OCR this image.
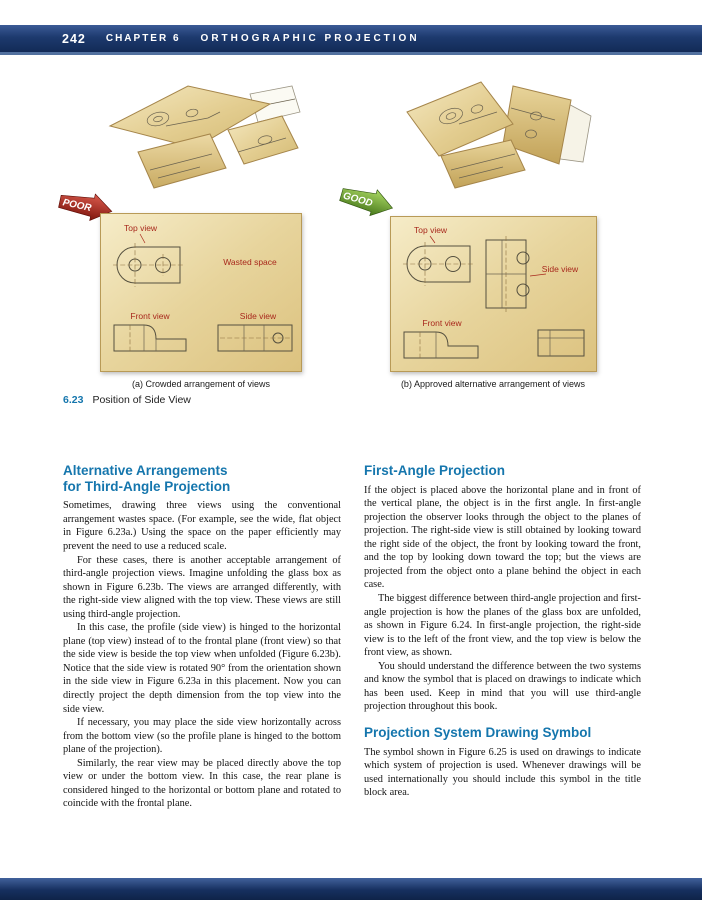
242 CHAPTER 6 ORTHOGRAPHIC PROJECTION
POOR	GOOD
Top view
Wasted space
Front view	Side view
Top view
Side view
Front view
(a) Crowded arrangement of views	(b) Approved alternative arrangement of views
6.23 Position of Side View
Alternative Arrangements
for Third-Angle Projection

Sometimes, drawing three views using the conventional arrangement wastes space. (For example, see the wide, flat object in Figure 6.23a.) Using the space on the paper efficiently may prevent the need to use a reduced scale.

For these cases, there is another acceptable arrangement of third-angle projection views. Imagine unfolding the glass box as shown in Figure 6.23b. The views are arranged differently, with the right-side view aligned with the top view. These views are still using third-angle projection.

In this case, the profile (side view) is hinged to the horizontal plane (top view) instead of to the frontal plane (front view) so that the side view is beside the top view when unfolded (Figure 6.23b). Notice that the side view is rotated 90° from the orientation shown in the side view in Figure 6.23a in this placement. Now you can directly project the depth dimension from the top view into the side view.

If necessary, you may place the side view horizontally across from the bottom view (so the profile plane is hinged to the bottom plane of the projection).

Similarly, the rear view may be placed directly above the top view or under the bottom view. In this case, the rear plane is considered hinged to the horizontal or bottom plane and rotated to coincide with the frontal plane.

First-Angle Projection

If the object is placed above the horizontal plane and in front of the vertical plane, the object is in the first angle. In first-angle projection the observer looks through the object to the planes of projection. The right-side view is still obtained by looking toward the right side of the object, the front by looking toward the front, and the top by looking down toward the top; but the views are projected from the object onto a plane behind the object in each case.

The biggest difference between third-angle projection and first-angle projection is how the planes of the glass box are unfolded, as shown in Figure 6.24. In first-angle projection, the right-side view is to the left of the front view, and the top view is below the front view, as shown.

You should understand the difference between the two systems and know the symbol that is placed on drawings to indicate which has been used. Keep in mind that you will use third-angle projection throughout this book.

Projection System Drawing Symbol

The symbol shown in Figure 6.25 is used on drawings to indicate which system of projection is used. Whenever drawings will be used internationally you should include this symbol in the title block area.
